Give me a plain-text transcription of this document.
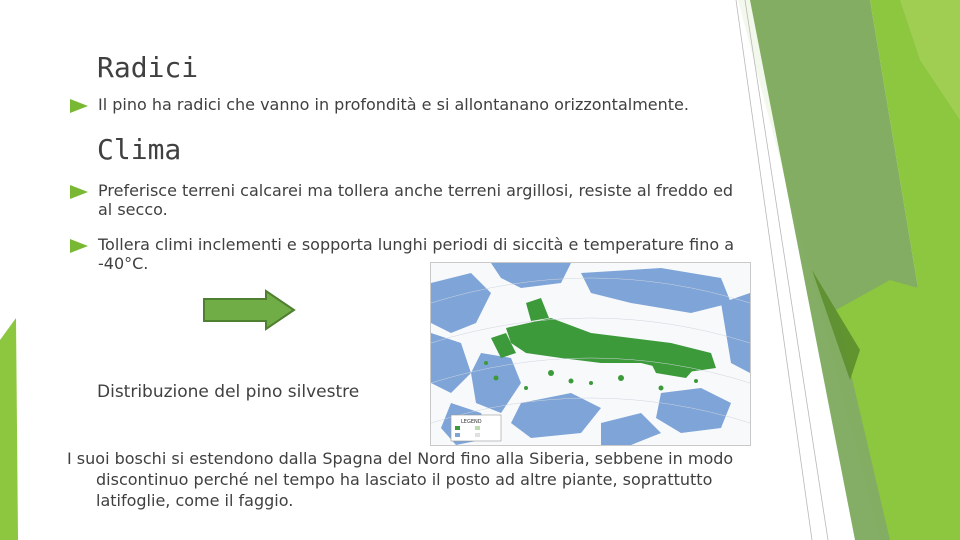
Radici
Il pino ha radici che vanno in profondità e si allontanano orizzontalmente.
Clima
Preferisce terreni calcarei ma tollera anche terreni argillosi, resiste al freddo ed al secco.
Tollera climi inclementi e sopporta lunghi periodi di siccità e temperature fino a -40°C.
LEGEND
Distribuzione del pino silvestre
I suoi boschi si estendono dalla Spagna del Nord fino alla Siberia, sebbene in modo discontinuo perché nel tempo ha lasciato il posto ad altre piante, soprattutto latifoglie, come il faggio.
